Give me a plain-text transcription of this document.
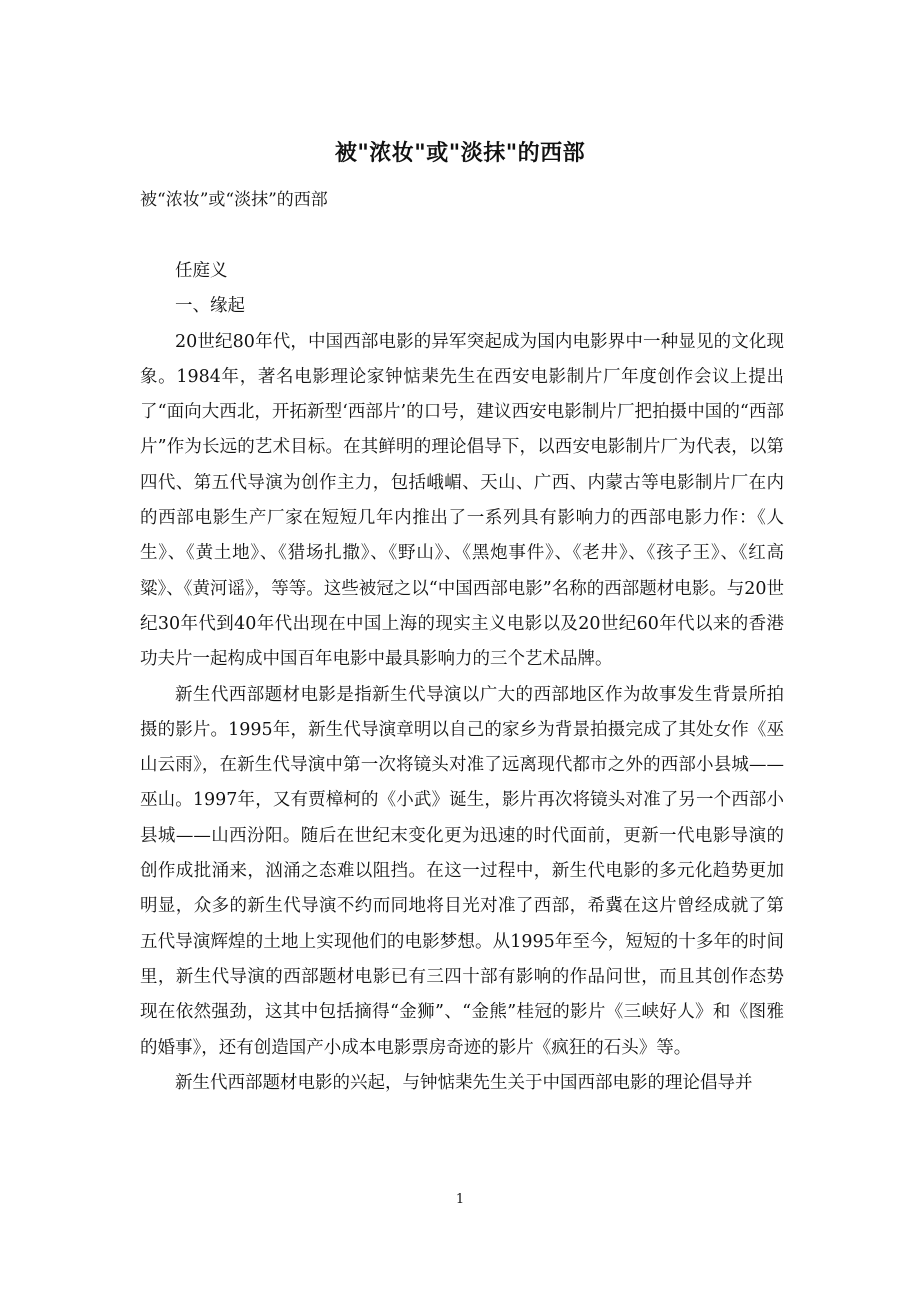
被"浓妆"或"淡抹"的西部

被“浓妆”或“淡抹”的西部

任庭义

一、缘起

20世纪80年代，中国西部电影的异军突起成为国内电影界中一种显见的文化现象。1984年，著名电影理论家钟惦棐先生在西安电影制片厂年度创作会议上提出了“面向大西北，开拓新型‘西部片’的口号，建议西安电影制片厂把拍摄中国的“西部片”作为长远的艺术目标。在其鲜明的理论倡导下，以西安电影制片厂为代表，以第四代、第五代导演为创作主力，包括峨嵋、天山、广西、内蒙古等电影制片厂在内的西部电影生产厂家在短短几年内推出了一系列具有影响力的西部电影力作：《人生》、《黄土地》、《猎场扎撒》、《野山》、《黑炮事件》、《老井》、《孩子王》、《红高粱》、《黄河谣》，等等。这些被冠之以“中国西部电影”名称的西部题材电影。与20世纪30年代到40年代出现在中国上海的现实主义电影以及20世纪60年代以来的香港功夫片一起构成中国百年电影中最具影响力的三个艺术品牌。

新生代西部题材电影是指新生代导演以广大的西部地区作为故事发生背景所拍摄的影片。1995年，新生代导演章明以自己的家乡为背景拍摄完成了其处女作《巫山云雨》，在新生代导演中第一次将镜头对准了远离现代都市之外的西部小县城——巫山。1997年，又有贾樟柯的《小武》诞生，影片再次将镜头对准了另一个西部小县城——山西汾阳。随后在世纪末变化更为迅速的时代面前，更新一代电影导演的创作成批涌来，汹涌之态难以阻挡。在这一过程中，新生代电影的多元化趋势更加明显，众多的新生代导演不约而同地将目光对准了西部，希冀在这片曾经成就了第五代导演辉煌的土地上实现他们的电影梦想。从1995年至今，短短的十多年的时间里，新生代导演的西部题材电影已有三四十部有影响的作品问世，而且其创作态势现在依然强劲，这其中包括摘得“金狮”、“金熊”桂冠的影片《三峡好人》和《图雅的婚事》，还有创造国产小成本电影票房奇迹的影片《疯狂的石头》等。

新生代西部题材电影的兴起，与钟惦棐先生关于中国西部电影的理论倡导并

1
